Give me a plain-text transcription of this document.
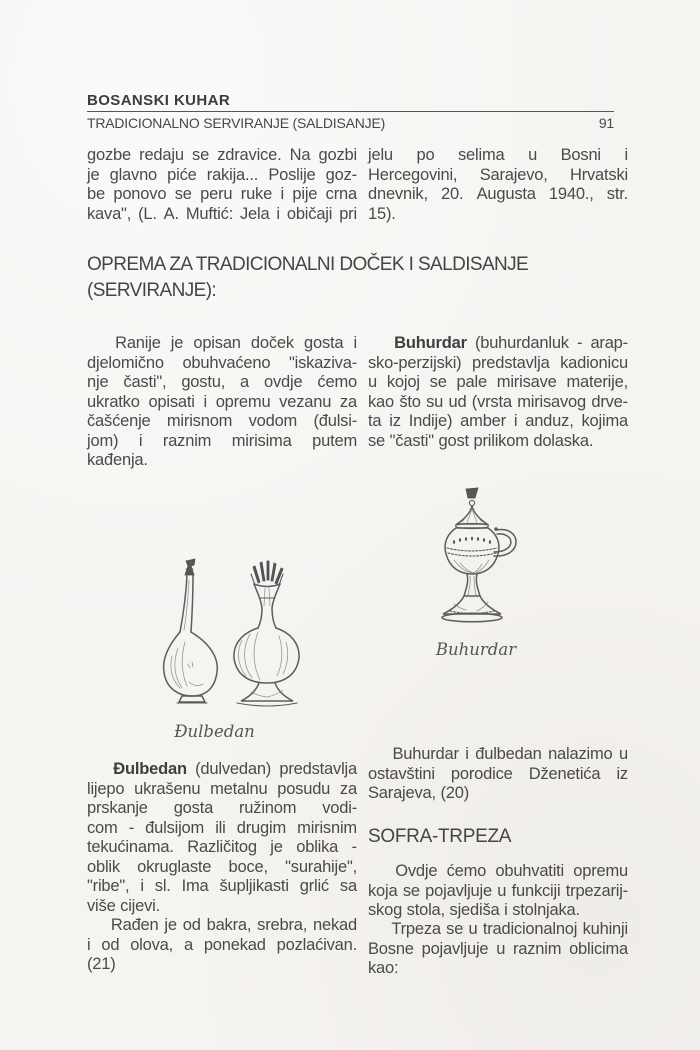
BOSANSKI KUHAR
TRADICIONALNO SERVIRANJE (SALDISANJE)	91
gozbe redaju se zdravice. Na gozbi
je glavno piće rakija... Poslije goz-
be ponovo se peru ruke i pije crna
kava", (L. A. Muftić: Jela i običaji pri
jelu po selima u Bosni i
Hercegovini, Sarajevo, Hrvatski
dnevnik, 20. Augusta 1940., str.
15).
OPREMA ZA TRADICIONALNI DOČEK I SALDISANJE
(SERVIRANJE):
Ranije je opisan doček gosta i
djelomično obuhvaćeno "iskaziva-
nje časti", gostu, a ovdje ćemo
ukratko opisati i opremu vezanu za
čašćenje mirisnom vodom (đulsi-
jom) i raznim mirisima putem
kađenja.
Buhurdar (buhurdanluk - arap-
sko-perzijski) predstavlja kadionicu
u kojoj se pale mirisave materije,
kao što su ud (vrsta mirisavog drve-
ta iz Indije) amber i anduz, kojima
se "časti" gost prilikom dolaska.
Buhurdar
Đulbedan
Đulbedan (dulvedan) predstavlja
lijepo ukrašenu metalnu posudu za
prskanje gosta ružinom vodi-
com - đulsijom ili drugim mirisnim
tekućinama. Različitog je oblika -
oblik okruglaste boce, "surahije",
"ribe", i sl. Ima šupljikasti grlić sa
više cijevi.
Rađen je od bakra, srebra, nekad
i od olova, a ponekad pozlaćivan.
(21)
Buhurdar i đulbedan nalazimo u
ostavštini porodice Dženetića iz
Sarajeva, (20)
SOFRA-TRPEZA
Ovdje ćemo obuhvatiti opremu
koja se pojavljuje u funkciji trpezarij-
skog stola, sjediša i stolnjaka.
Trpeza se u tradicionalnoj kuhinji
Bosne pojavljuje u raznim oblicima
kao:
